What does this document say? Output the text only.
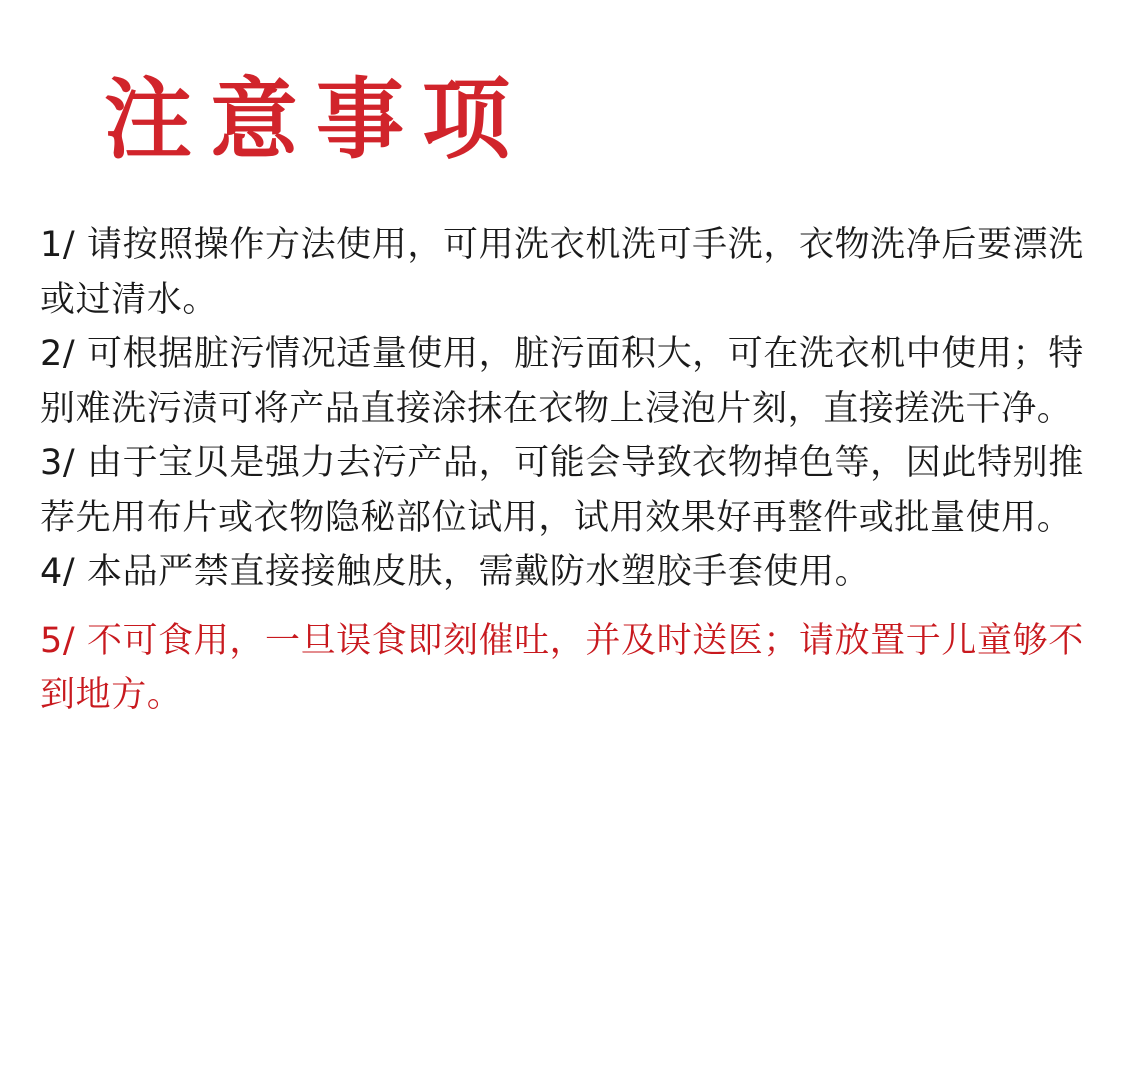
注意事项
1/ 请按照操作方法使用，可用洗衣机洗可手洗，衣物洗净后要漂洗或过清水。
2/ 可根据脏污情况适量使用，脏污面积大，可在洗衣机中使用；特别难洗污渍可将产品直接涂抹在衣物上浸泡片刻，直接搓洗干净。
3/ 由于宝贝是强力去污产品，可能会导致衣物掉色等，因此特别推荐先用布片或衣物隐秘部位试用，试用效果好再整件或批量使用。
4/ 本品严禁直接接触皮肤，需戴防水塑胶手套使用。
5/ 不可食用，一旦误食即刻催吐，并及时送医；请放置于儿童够不到地方。
